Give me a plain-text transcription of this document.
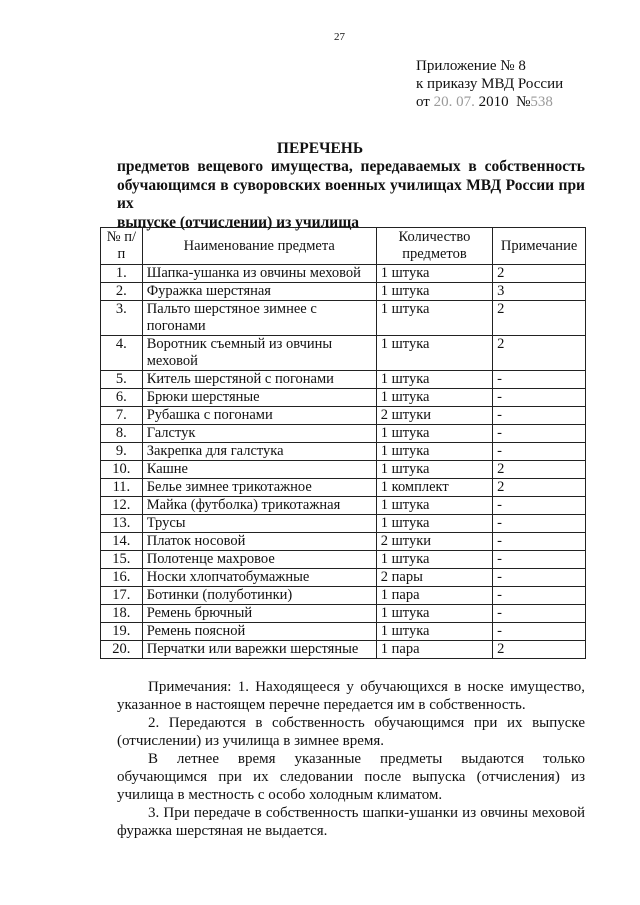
27
Приложение № 8
к приказу МВД России
от 20. 07. 2010  №538
ПЕРЕЧЕНЬ
предметов вещевого имущества, передаваемых в собственность
обучающимся в суворовских военных училищах МВД России при их
выпуске (отчислении) из училища
№ п/п	Наименование предмета	Количество предметов	Примечание
1.	Шапка-ушанка из овчины меховой	1 штука	2
2.	Фуражка шерстяная	1 штука	3
3.	Пальто шерстяное зимнее с погонами	1 штука	2
4.	Воротник съемный из овчины меховой	1 штука	2
5.	Китель шерстяной с погонами	1 штука	-
6.	Брюки шерстяные	1 штука	-
7.	Рубашка с погонами	2 штуки	-
8.	Галстук	1 штука	-
9.	Закрепка для галстука	1 штука	-
10.	Кашне	1 штука	2
11.	Белье зимнее трикотажное	1 комплект	2
12.	Майка (футболка) трикотажная	1 штука	-
13.	Трусы	1 штука	-
14.	Платок носовой	2 штуки	-
15.	Полотенце махровое	1 штука	-
16.	Носки хлопчатобумажные	2 пары	-
17.	Ботинки (полуботинки)	1 пара	-
18.	Ремень брючный	1 штука	-
19.	Ремень поясной	1 штука	-
20.	Перчатки или варежки шерстяные	1 пара	2

Примечания: 1. Находящееся у обучающихся в носке имущество, указанное в настоящем перечне передается им в собственность.

2. Передаются в собственность обучающимся при их выпуске (отчислении) из училища в зимнее время.

В летнее время указанные предметы выдаются только обучающимся при их следовании после выпуска (отчисления) из училища в местность с особо холодным климатом.

3. При передаче в собственность шапки-ушанки из овчины меховой фуражка шерстяная не выдается.
